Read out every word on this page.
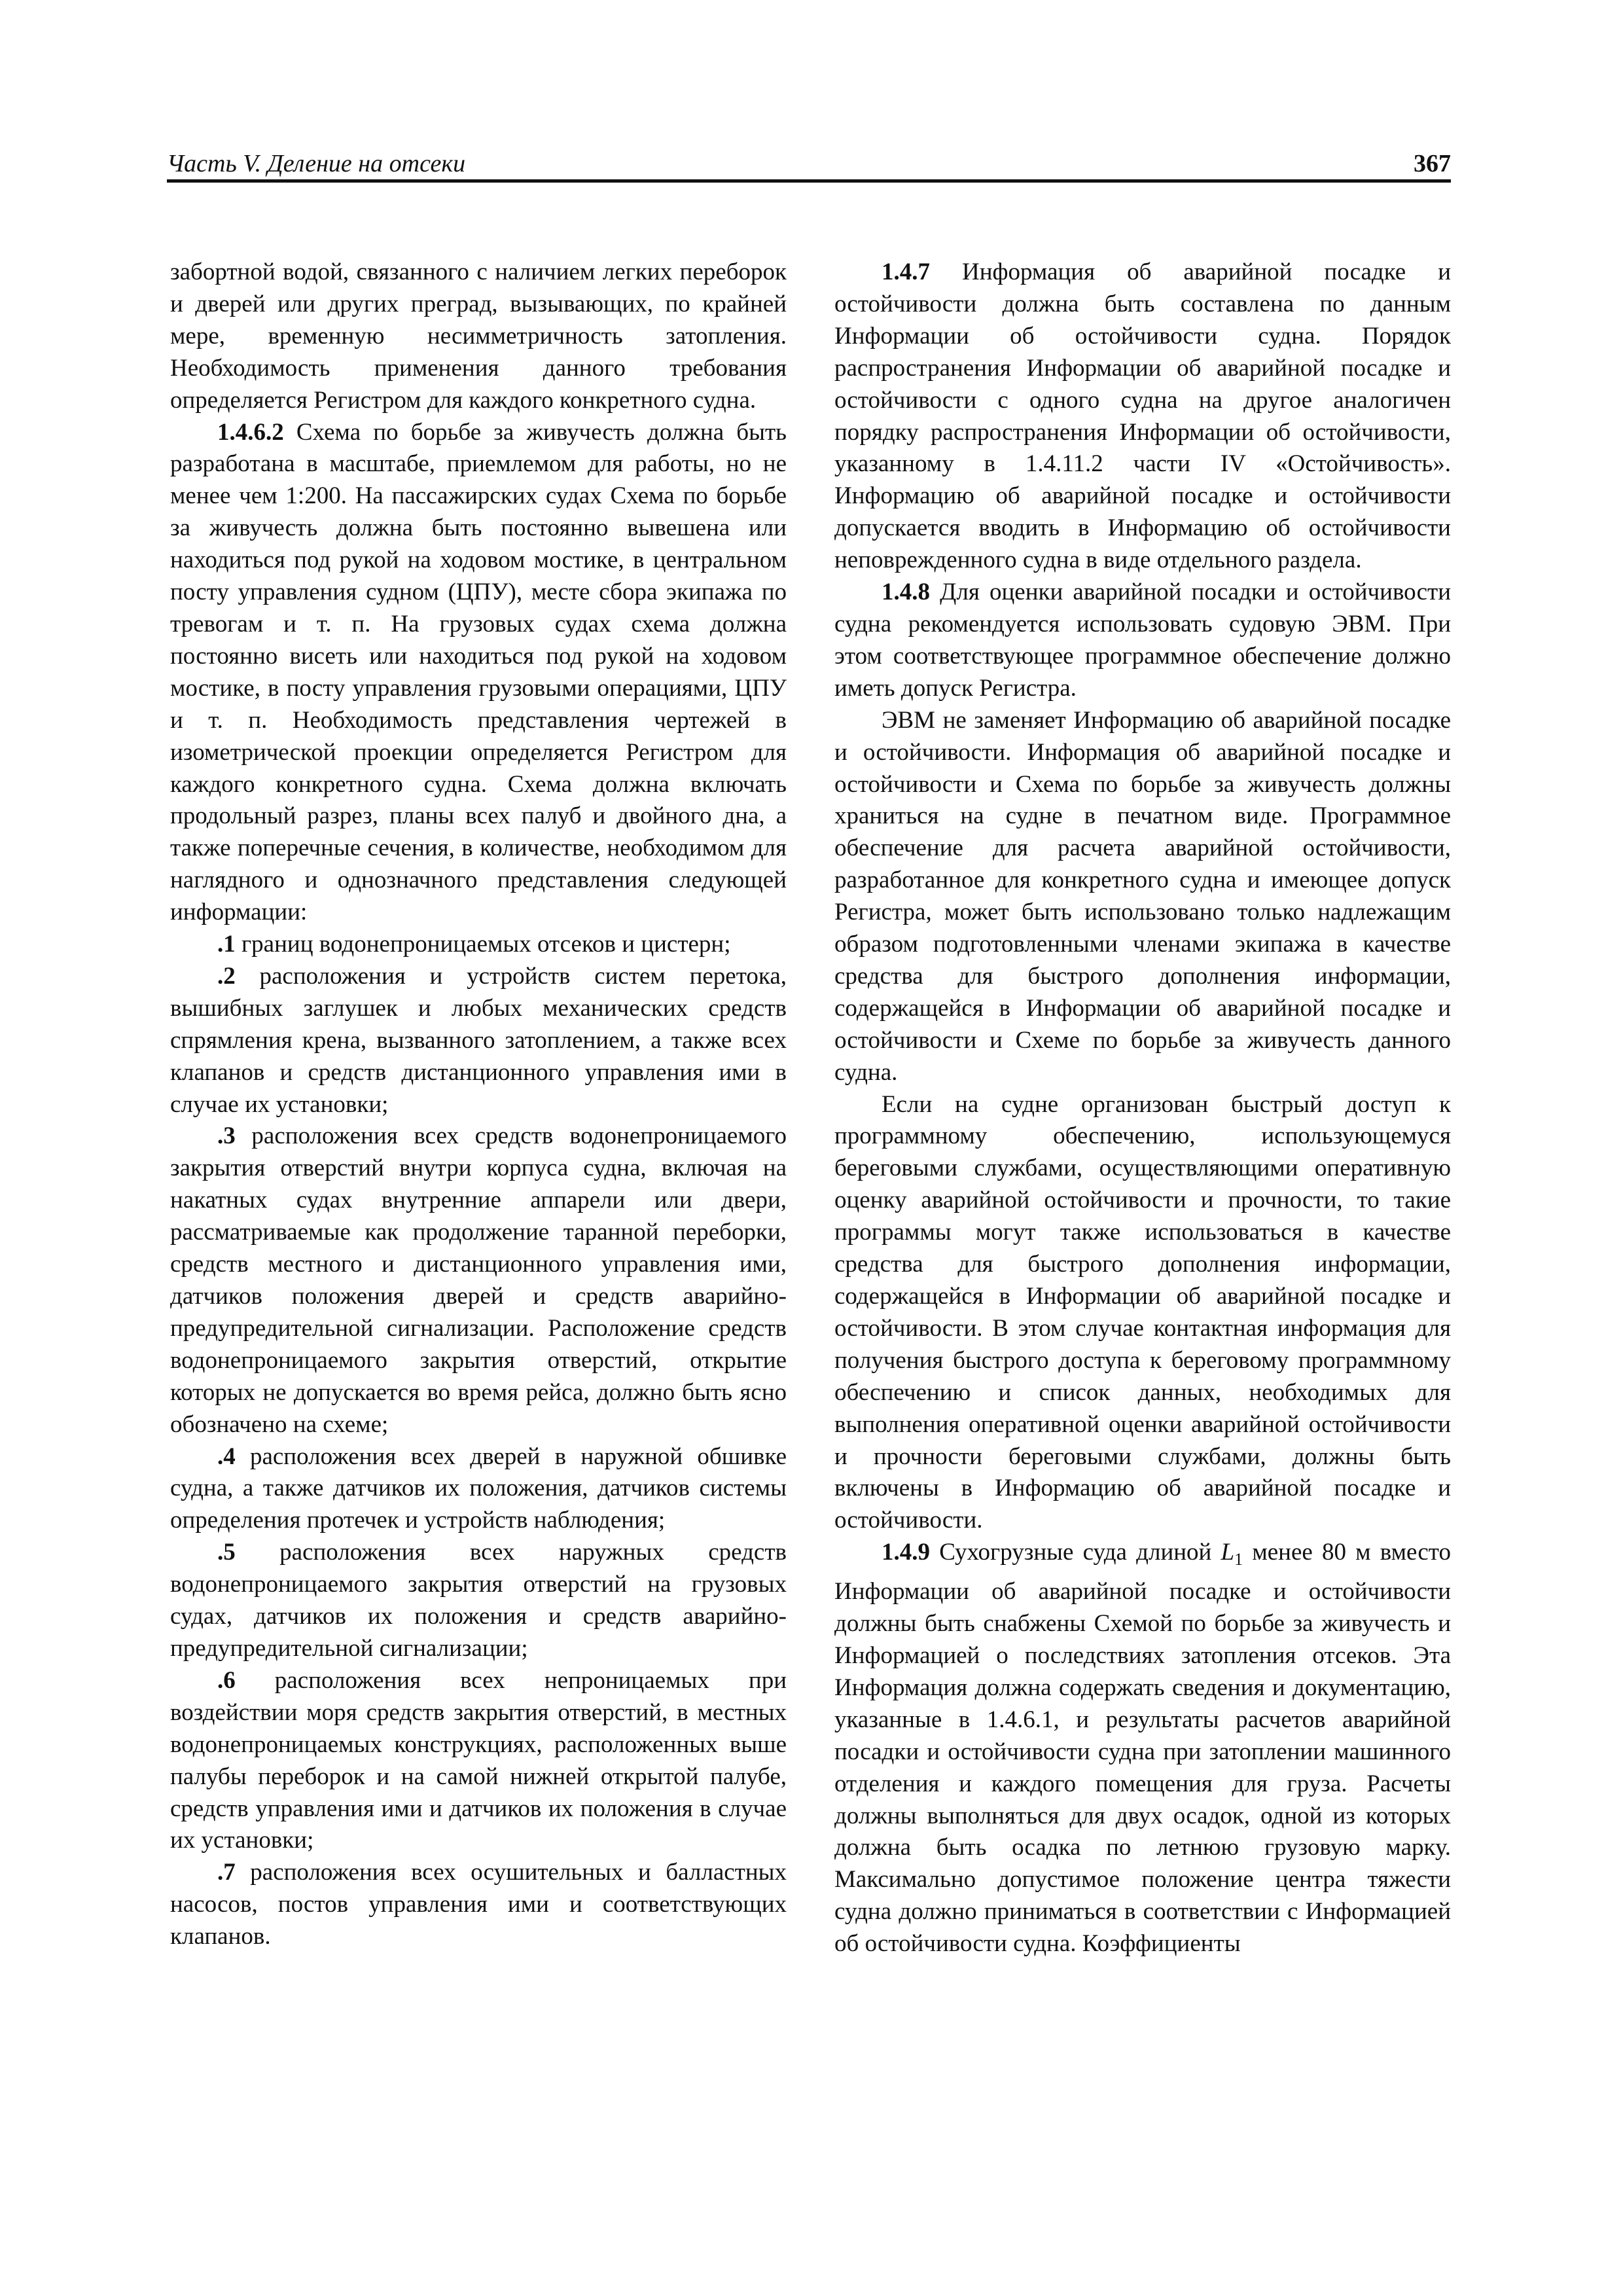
Часть V. Деление на отсеки	367

забортной водой, связанного с наличием легких переборок и дверей или других преград, вызывающих, по крайней мере, временную несимметричность затопления. Необходимость применения данного требования определяется Регистром для каждого конкретного судна.

1.4.6.2 Схема по борьбе за живучесть должна быть разработана в масштабе, приемлемом для работы, но не менее чем 1:200. На пассажирских судах Схема по борьбе за живучесть должна быть постоянно вывешена или находиться под рукой на ходовом мостике, в центральном посту управления судном (ЦПУ), месте сбора экипажа по тревогам и т. п. На грузовых судах схема должна постоянно висеть или находиться под рукой на ходовом мостике, в посту управления грузовыми операциями, ЦПУ и т. п. Необходимость представления чертежей в изометрической проекции определяется Регистром для каждого конкретного судна. Схема должна включать продольный разрез, планы всех палуб и двойного дна, а также поперечные сечения, в количестве, необходимом для наглядного и однозначного представления следующей информации:

.1 границ водонепроницаемых отсеков и цистерн;

.2 расположения и устройств систем перетока, вышибных заглушек и любых механических средств спрямления крена, вызванного затоплением, а также всех клапанов и средств дистанционного управления ими в случае их установки;

.3 расположения всех средств водонепроницаемого закрытия отверстий внутри корпуса судна, включая на накатных судах внутренние аппарели или двери, рассматриваемые как продолжение таранной переборки, средств местного и дистанционного управления ими, датчиков положения дверей и средств аварийно-предупредительной сигнализации. Расположение средств водонепроницаемого закрытия отверстий, открытие которых не допускается во время рейса, должно быть ясно обозначено на схеме;

.4 расположения всех дверей в наружной обшивке судна, а также датчиков их положения, датчиков системы определения протечек и устройств наблюдения;

.5 расположения всех наружных средств водонепроницаемого закрытия отверстий на грузовых судах, датчиков их положения и средств аварийно-предупредительной сигнализации;

.6 расположения всех непроницаемых при воздействии моря средств закрытия отверстий, в местных водонепроницаемых конструкциях, расположенных выше палубы переборок и на самой нижней открытой палубе, средств управления ими и датчиков их положения в случае их установки;

.7 расположения всех осушительных и балластных насосов, постов управления ими и соответствующих клапанов.

1.4.7 Информация об аварийной посадке и остойчивости должна быть составлена по данным Информации об остойчивости судна. Порядок распространения Информации об аварийной посадке и остойчивости с одного судна на другое аналогичен порядку распространения Информации об остойчивости, указанному в 1.4.11.2 части IV «Остойчивость». Информацию об аварийной посадке и остойчивости допускается вводить в Информацию об остойчивости неповрежденного судна в виде отдельного раздела.

1.4.8 Для оценки аварийной посадки и остойчивости судна рекомендуется использовать судовую ЭВМ. При этом соответствующее программное обеспечение должно иметь допуск Регистра.

ЭВМ не заменяет Информацию об аварийной посадке и остойчивости. Информация об аварийной посадке и остойчивости и Схема по борьбе за живучесть должны храниться на судне в печатном виде. Программное обеспечение для расчета аварийной остойчивости, разработанное для конкретного судна и имеющее допуск Регистра, может быть использовано только надлежащим образом подготовленными членами экипажа в качестве средства для быстрого дополнения информации, содержащейся в Информации об аварийной посадке и остойчивости и Схеме по борьбе за живучесть данного судна.

Если на судне организован быстрый доступ к программному обеспечению, использующемуся береговыми службами, осуществляющими оперативную оценку аварийной остойчивости и прочности, то такие программы могут также использоваться в качестве средства для быстрого дополнения информации, содержащейся в Информации об аварийной посадке и остойчивости. В этом случае контактная информация для получения быстрого доступа к береговому программному обеспечению и список данных, необходимых для выполнения оперативной оценки аварийной остойчивости и прочности береговыми службами, должны быть включены в Информацию об аварийной посадке и остойчивости.

1.4.9 Сухогрузные суда длиной $L_1$ менее 80 м вместо Информации об аварийной посадке и остойчивости должны быть снабжены Схемой по борьбе за живучесть и Информацией о последствиях затопления отсеков. Эта Информация должна содержать сведения и документацию, указанные в 1.4.6.1, и результаты расчетов аварийной посадки и остойчивости судна при затоплении машинного отделения и каждого помещения для груза. Расчеты должны выполняться для двух осадок, одной из которых должна быть осадка по летнюю грузовую марку. Максимально допустимое положение центра тяжести судна должно приниматься в соответствии с Информацией об остойчивости судна. Коэффициенты
